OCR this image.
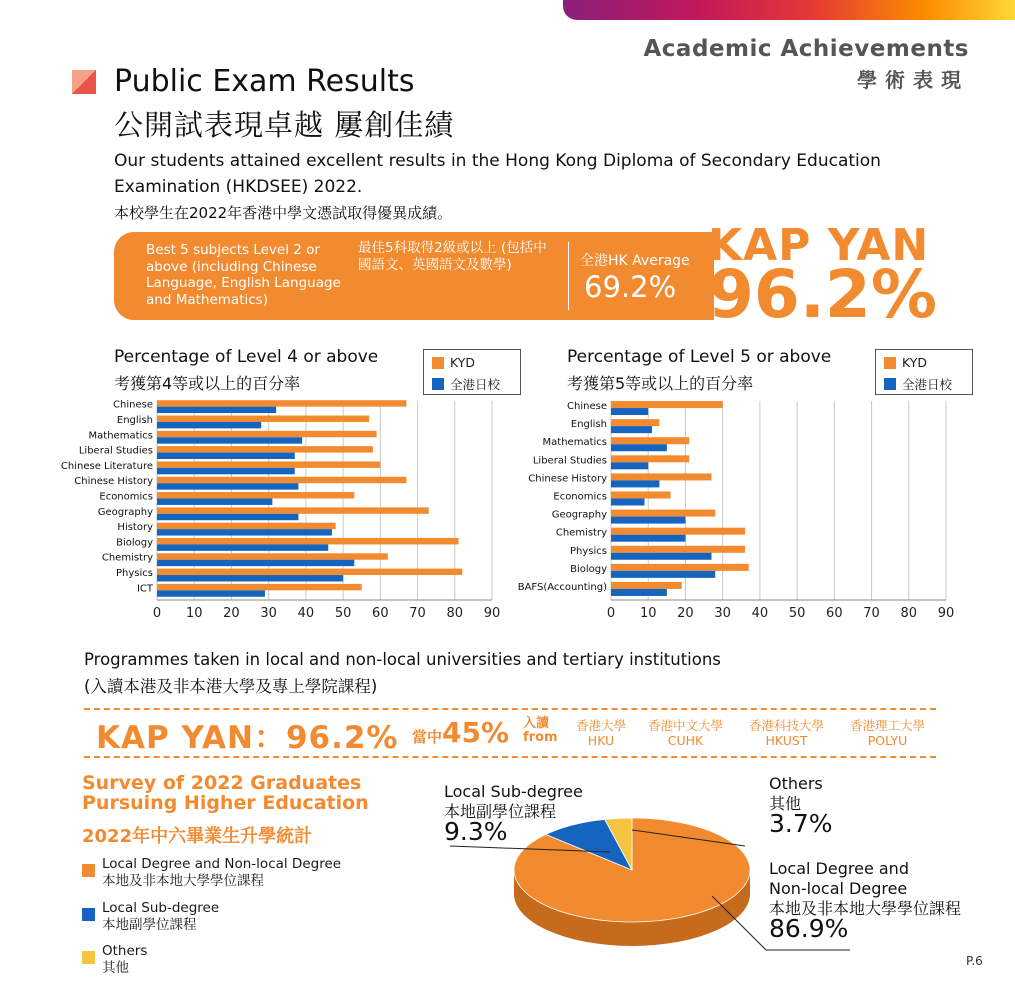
Academic Achievements
學術表現
Public Exam Results
公開試表現卓越 屢創佳績
Our students attained excellent results in the Hong Kong Diploma of Secondary Education Examination (HKDSEE) 2022.
本校學生在2022年香港中學文憑試取得優異成績。
Best 5 subjects Level 2 or above (including Chinese Language, English Language and Mathematics)
最佳5科取得2級或以上 (包括中國語文、英國語文及數學)	全港HK Average
69.2%
KAP YAN
96.2%
Percentage of Level 4 or above
考獲第4等或以上的百分率
KYD
全港日校
Percentage of Level 5 or above
考獲第5等或以上的百分率
KYD
全港日校
0 10 20 30 40 50 60 70 80 90
Chinese
English
Mathematics
Liberal Studies
Chinese Literature
Chinese History
Economics
Geography
History
Biology
Chemistry
Physics
ICT
0 10 20 30 40 50 60 70 80 90
Chinese
English
Mathematics
Liberal Studies
Chinese History
Economics
Geography
Chemistry
Physics
Biology
BAFS(Accounting)
Programmes taken in local and non-local universities and tertiary institutions
(入讀本港及非本港大學及專上學院課程)
KAP YAN：96.2% 當中45% 入讀
from
香港大學
HKU
香港中文大學
CUHK
香港科技大學
HKUST
香港理工大學
POLYU
Survey of 2022 Graduates
Pursuing Higher Education
2022年中六畢業生升學統計
Local Degree and Non-local Degree
本地及非本地大學學位課程
Local Sub-degree
本地副學位課程
Others
其他
Local Sub-degree
本地副學位課程
9.3%
Others
其他
3.7%
Local Degree and
Non-local Degree
本地及非本地大學學位課程
86.9%
P.6
